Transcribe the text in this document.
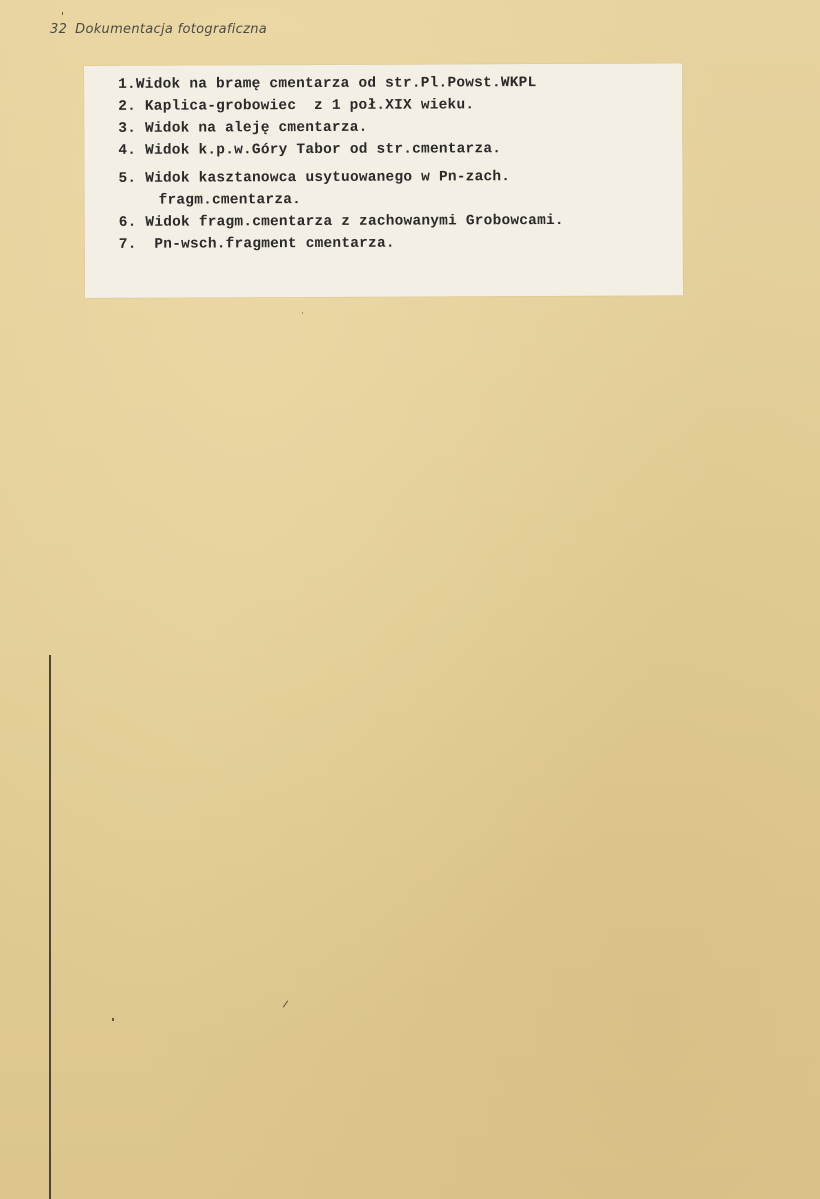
32 Dokumentacja fotograficzna
1.Widok na bramę cmentarza od str.Pl.Powst.WKPL
2. Kaplica-grobowiec  z 1 poł.XIX wieku.
3. Widok na aleję cmentarza.
4. Widok k.p.w.Góry Tabor od str.cmentarza.
5. Widok kasztanowca usytuowanego w Pn-zach.
fragm.cmentarza.
6. Widok fragm.cmentarza z zachowanymi Grobowcami.
7.  Pn-wsch.fragment cmentarza.
